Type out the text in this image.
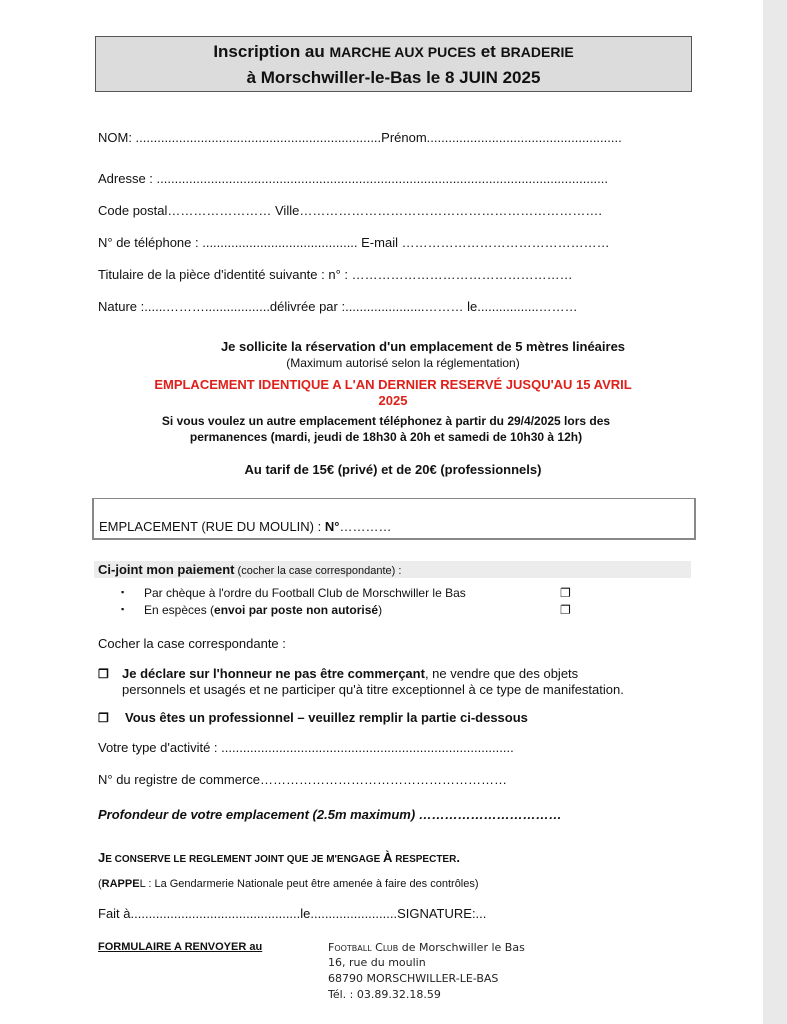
Inscription au MARCHE AUX PUCES et BRADERIE
à Morschwiller-le-Bas le 8 JUIN 2025
NOM: ....................................................................Prénom......................................................
Adresse : .............................................................................................................................
Code postal…………………… Ville…………………………………………………………….
N° de téléphone : ........................................... E-mail …………………………………………
Titulaire de la pièce d'identité suivante : n° : ……………………………………………
Nature :......………..................délivrée par :......................……… le.................………
Je sollicite la réservation d'un emplacement de 5 mètres linéaires
(Maximum autorisé selon la réglementation)
EMPLACEMENT IDENTIQUE A L'AN DERNIER RESERVÉ JUSQU'AU 15 AVRIL
2025
Si vous voulez un autre emplacement téléphonez à partir du 29/4/2025 lors des
permanences (mardi, jeudi de 18h30 à 20h et samedi de 10h30 à 12h)
Au tarif de 15€ (privé) et de 20€ (professionnels)
EMPLACEMENT (RUE DU MOULIN) : N°…………
Ci-joint mon paiement (cocher la case correspondante) :
▪ Par chèque à l'ordre du Football Club de Morschwiller le Bas	❐
▪ En espèces (envoi par poste non autorisé)	❐
Cocher la case correspondante :
❐ Je déclare sur l'honneur ne pas être commerçant, ne vendre que des objets
personnels et usagés et ne participer qu'à titre exceptionnel à ce type de manifestation.
❐ Vous êtes un professionnel – veuillez remplir la partie ci-dessous
Votre type d'activité : .................................................................................
N° du registre de commerce…………………………………………………
Profondeur de votre emplacement (2.5m maximum) ……………………………
JE CONSERVE LE REGLEMENT JOINT QUE JE M'ENGAGE À RESPECTER.
(RAPPEL : La Gendarmerie Nationale peut être amenée à faire des contrôles)
Fait à...............................................le........................SIGNATURE:...
FORMULAIRE A RENVOYER au	FOOTBALL CLUB de Morschwiller le Bas
16, rue du moulin
68790 MORSCHWILLER-LE-BAS
Tél. : 03.89.32.18.59
